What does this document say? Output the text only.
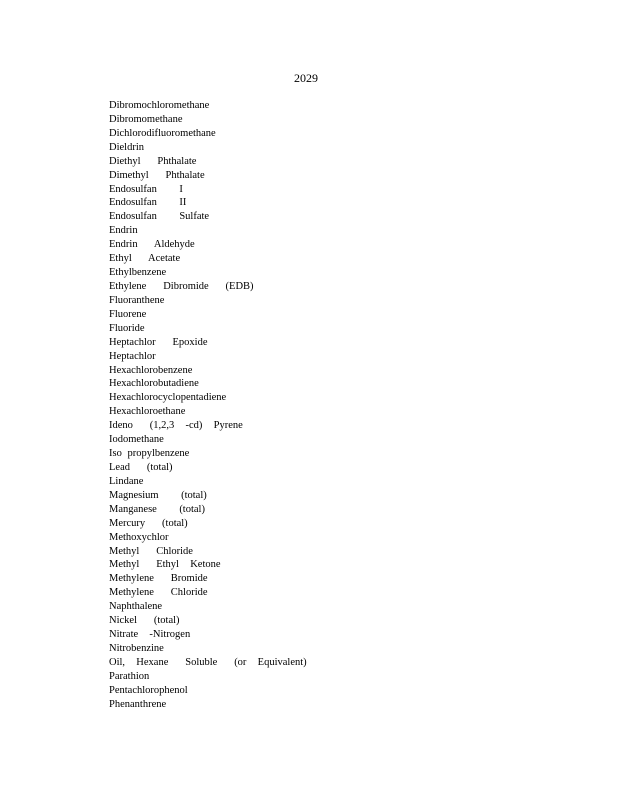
2029
Dibromochloromethane
Dibromomethane
Dichlorodifluoromethane
Dieldrin
Diethyl   Phthalate
Dimethyl   Phthalate
Endosulfan    I
Endosulfan    II
Endosulfan    Sulfate
Endrin
Endrin   Aldehyde
Ethyl   Acetate
Ethylbenzene
Ethylene   Dibromide   (EDB)
Fluoranthene
Fluorene
Fluoride
Heptachlor   Epoxide
Heptachlor
Hexachlorobenzene
Hexachlorobutadiene
Hexachlorocyclopentadiene
Hexachloroethane
Ideno   (1,2,3  -cd)  Pyrene
Iodomethane
Iso propylbenzene
Lead   (total)
Lindane
Magnesium    (total)
Manganese    (total)
Mercury   (total)
Methoxychlor
Methyl   Chloride
Methyl   Ethyl  Ketone
Methylene   Bromide
Methylene   Chloride
Naphthalene
Nickel   (total)
Nitrate  -Nitrogen
Nitrobenzine
Oil,  Hexane   Soluble   (or  Equivalent)
Parathion
Pentachlorophenol
Phenanthrene
